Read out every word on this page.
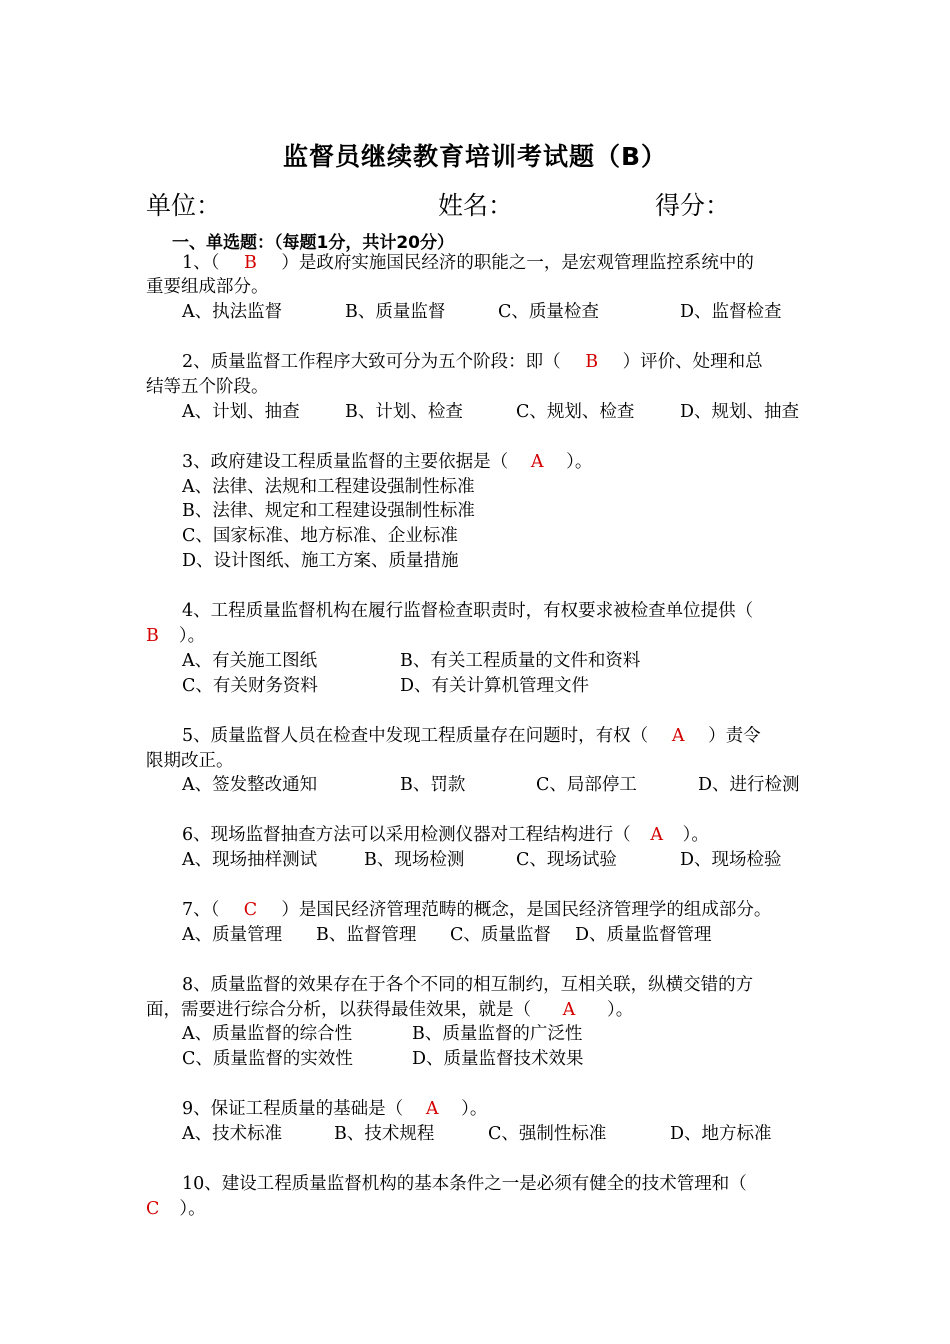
监督员继续教育培训考试题（B）
单位：	姓名：	得分：
一、单选题：（每题1分，共计20分）
1、（ B ）是政府实施国民经济的职能之一，是宏观管理监控系统中的
重要组成部分。
A、执法监督	B、质量监督	C、质量检查	D、监督检查
2、质量监督工作程序大致可分为五个阶段：即（ B ）评价、处理和总
结等五个阶段。
A、计划、抽查	B、计划、检查	C、规划、检查	D、规划、抽查
3、政府建设工程质量监督的主要依据是（ A ）。
A、法律、法规和工程建设强制性标准
B、法律、规定和工程建设强制性标准
C、国家标准、地方标准、企业标准
D、设计图纸、施工方案、质量措施
4、工程质量监督机构在履行监督检查职责时，有权要求被检查单位提供（
B ）。
A、有关施工图纸	B、有关工程质量的文件和资料
C、有关财务资料	D、有关计算机管理文件
5、质量监督人员在检查中发现工程质量存在问题时，有权（ A ）责令
限期改正。
A、签发整改通知	B、罚款	C、局部停工	D、进行检测
6、现场监督抽查方法可以采用检测仪器对工程结构进行（ A ）。
A、现场抽样测试	B、现场检测	C、现场试验	D、现场检验
7、（ C ）是国民经济管理范畴的概念，是国民经济管理学的组成部分。
A、质量管理 B、监督管理 C、质量监督 D、质量监督管理
8、质量监督的效果存在于各个不同的相互制约，互相关联，纵横交错的方
面，需要进行综合分析，以获得最佳效果，就是（ A ）。
A、质量监督的综合性	B、质量监督的广泛性
C、质量监督的实效性	D、质量监督技术效果
9、保证工程质量的基础是（ A ）。
A、技术标准	B、技术规程	C、强制性标准	D、地方标准
10、建设工程质量监督机构的基本条件之一是必须有健全的技术管理和（
C ）。
